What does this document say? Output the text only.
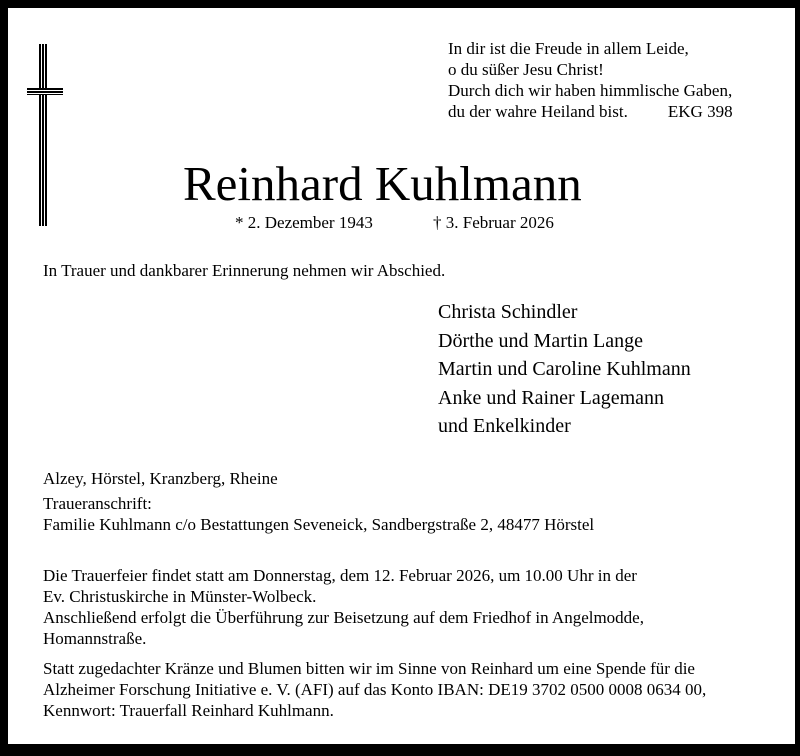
In dir ist die Freude in allem Leide,
o du süßer Jesu Christ!
Durch dich wir haben himmlische Gaben,
du der wahre Heiland bist. EKG 398
Reinhard Kuhlmann
* 2. Dezember 1943	† 3. Februar 2026
In Trauer und dankbarer Erinnerung nehmen wir Abschied.
Christa Schindler
Dörthe und Martin Lange
Martin und Caroline Kuhlmann
Anke und Rainer Lagemann
und Enkelkinder
Alzey, Hörstel, Kranzberg, Rheine
Traueranschrift:
Familie Kuhlmann c/o Bestattungen Seveneick, Sandbergstraße 2, 48477 Hörstel
Die Trauerfeier findet statt am Donnerstag, dem 12. Februar 2026, um 10.00 Uhr in der
Ev. Christuskirche in Münster-Wolbeck.
Anschließend erfolgt die Überführung zur Beisetzung auf dem Friedhof in Angelmodde,
Homannstraße.
Statt zugedachter Kränze und Blumen bitten wir im Sinne von Reinhard um eine Spende für die
Alzheimer Forschung Initiative e. V. (AFI) auf das Konto IBAN: DE19 3702 0500 0008 0634 00,
Kennwort: Trauerfall Reinhard Kuhlmann.
